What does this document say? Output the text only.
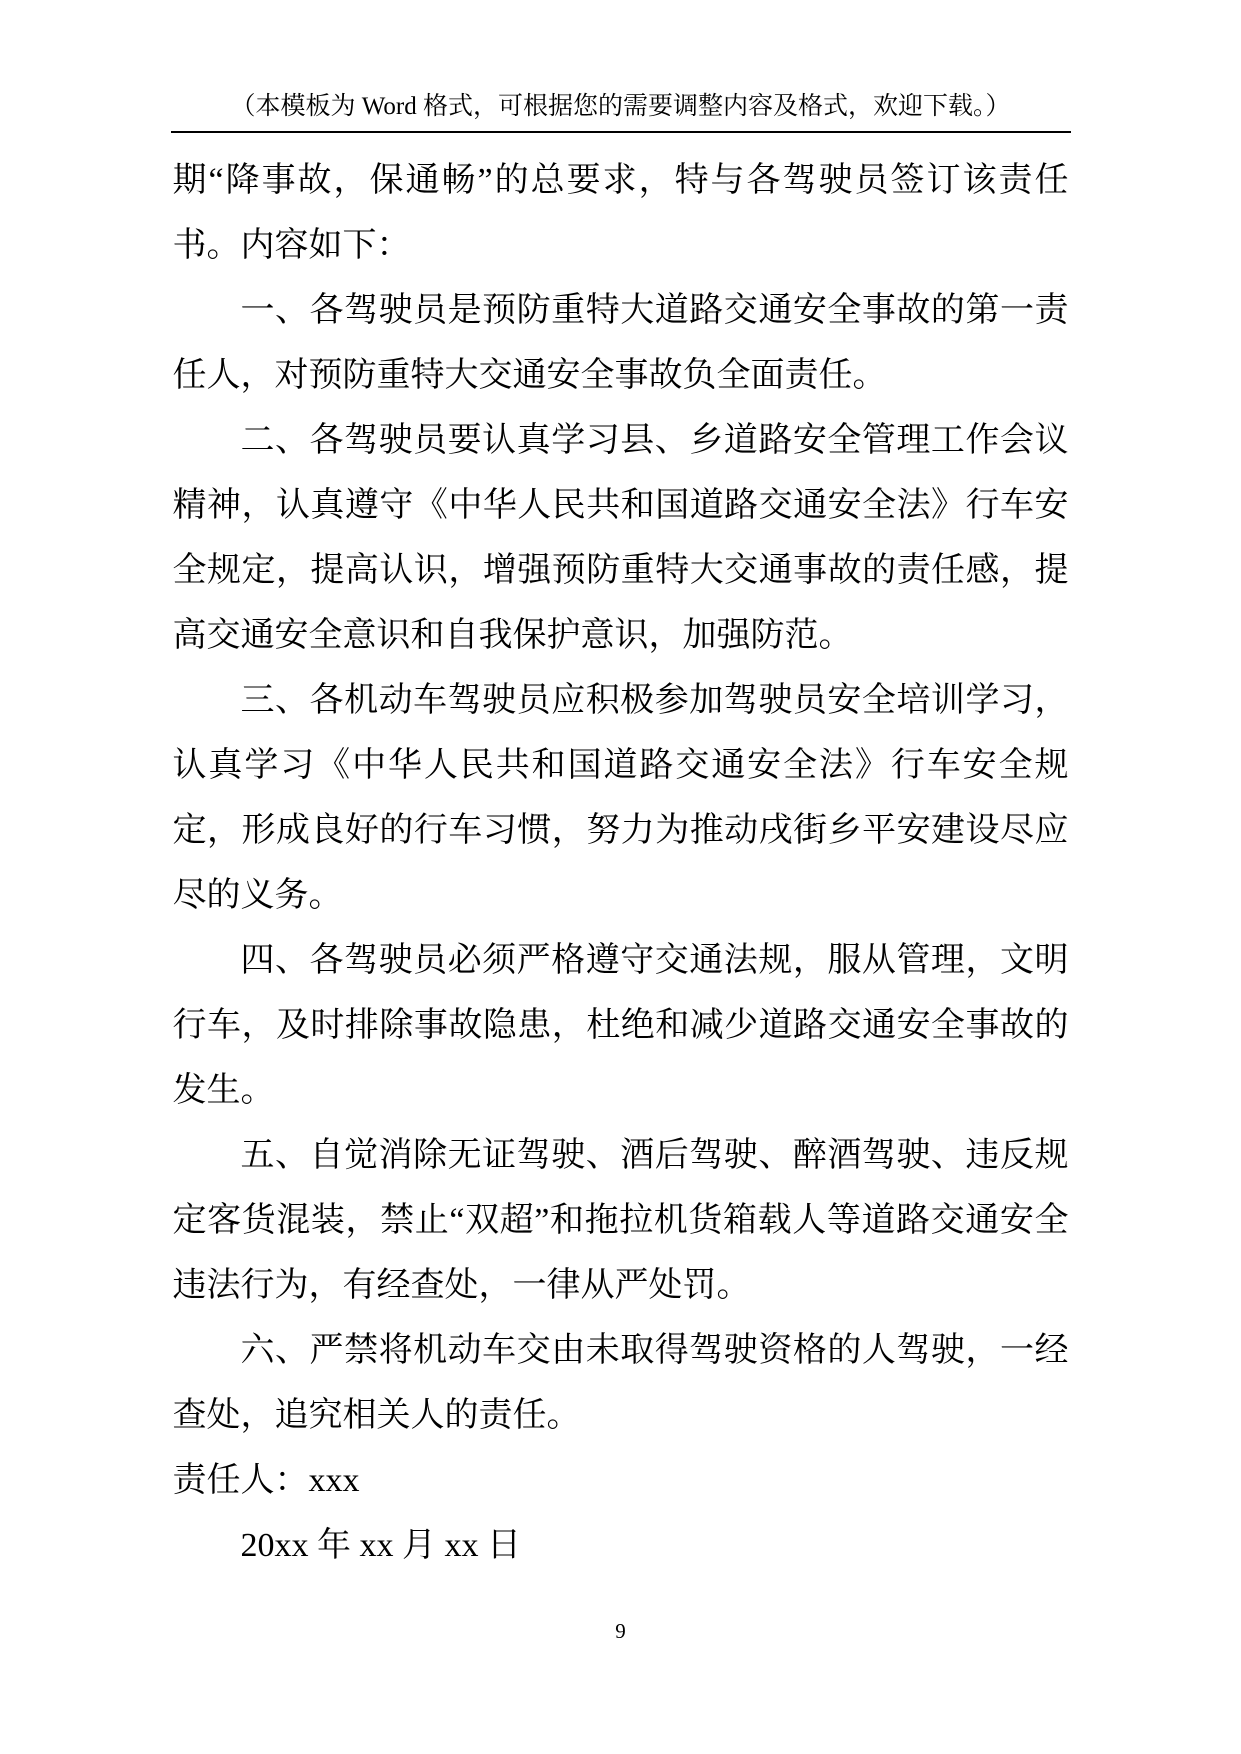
（本模板为 Word 格式，可根据您的需要调整内容及格式，欢迎下载。）

期“降事故，保通畅”的总要求，特与各驾驶员签订该责任书。内容如下：

一、各驾驶员是预防重特大道路交通安全事故的第一责任人，对预防重特大交通安全事故负全面责任。

二、各驾驶员要认真学习县、乡道路安全管理工作会议精神，认真遵守《中华人民共和国道路交通安全法》行车安全规定，提高认识，增强预防重特大交通事故的责任感，提高交通安全意识和自我保护意识，加强防范。

三、各机动车驾驶员应积极参加驾驶员安全培训学习，认真学习《中华人民共和国道路交通安全法》行车安全规定，形成良好的行车习惯，努力为推动戌街乡平安建设尽应尽的义务。

四、各驾驶员必须严格遵守交通法规，服从管理，文明行车，及时排除事故隐患，杜绝和减少道路交通安全事故的发生。

五、自觉消除无证驾驶、酒后驾驶、醉酒驾驶、违反规定客货混装，禁止“双超”和拖拉机货箱载人等道路交通安全违法行为，有经查处，一律从严处罚。

六、严禁将机动车交由未取得驾驶资格的人驾驶，一经查处，追究相关人的责任。

责任人：xxx

20xx 年 xx 月 xx 日

9
